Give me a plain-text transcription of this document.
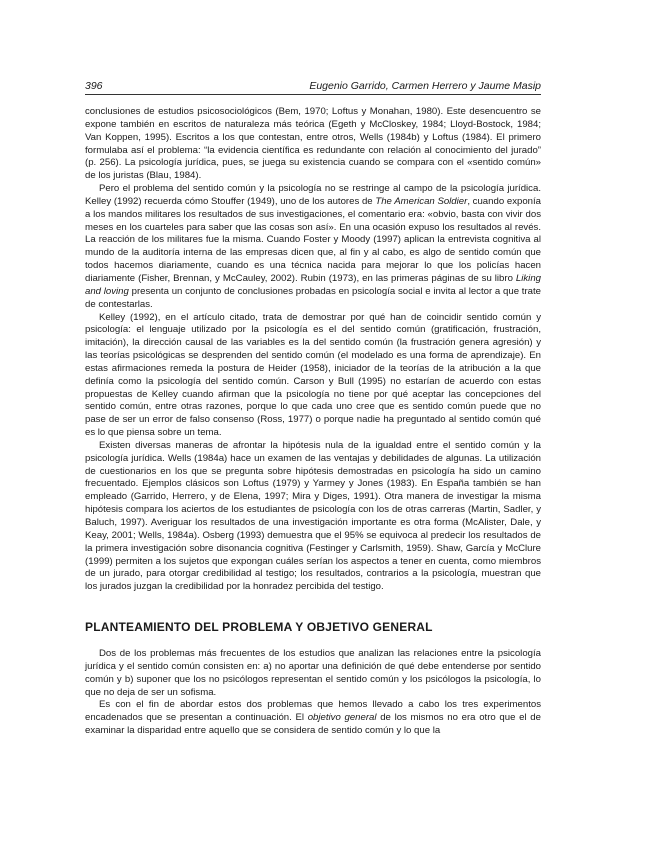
396	Eugenio Garrido, Carmen Herrero y Jaume Masip

conclusiones de estudios psicosociológicos (Bem, 1970; Loftus y Monahan, 1980). Este desencuentro se expone también en escritos de naturaleza más teórica (Egeth y McCloskey, 1984; Lloyd-Bostock, 1984; Van Koppen, 1995). Escritos a los que contestan, entre otros, Wells (1984b) y Loftus (1984). El primero formulaba así el problema: “la evidencia científica es redundante con relación al conocimiento del jurado” (p. 256). La psicología jurídica, pues, se juega su existencia cuando se compara con el «sentido común» de los juristas (Blau, 1984).

Pero el problema del sentido común y la psicología no se restringe al campo de la psicología jurídica. Kelley (1992) recuerda cómo Stouffer (1949), uno de los autores de The American Soldier, cuando exponía a los mandos militares los resultados de sus investigaciones, el comentario era: «obvio, basta con vivir dos meses en los cuarteles para saber que las cosas son así». En una ocasión expuso los resultados al revés. La reacción de los militares fue la misma. Cuando Foster y Moody (1997) aplican la entrevista cognitiva al mundo de la auditoría interna de las empresas dicen que, al fin y al cabo, es algo de sentido común que todos hacemos diariamente, cuando es una técnica nacida para mejorar lo que los policías hacen diariamente (Fisher, Brennan, y McCauley, 2002). Rubin (1973), en las primeras páginas de su libro Liking and loving presenta un conjunto de conclusiones probadas en psicología social e invita al lector a que trate de contestarlas.

Kelley (1992), en el artículo citado, trata de demostrar por qué han de coincidir sentido común y psicología: el lenguaje utilizado por la psicología es el del sentido común (gratificación, frustración, imitación), la dirección causal de las variables es la del sentido común (la frustración genera agresión) y las teorías psicológicas se desprenden del sentido común (el modelado es una forma de aprendizaje). En estas afirmaciones remeda la postura de Heider (1958), iniciador de la teorías de la atribución a la que definía como la psicología del sentido común. Carson y Bull (1995) no estarían de acuerdo con estas propuestas de Kelley cuando afirman que la psicología no tiene por qué aceptar las concepciones del sentido común, entre otras razones, porque lo que cada uno cree que es sentido común puede que no pase de ser un error de falso consenso (Ross, 1977) o porque nadie ha preguntado al sentido común qué es lo que piensa sobre un tema.

Existen diversas maneras de afrontar la hipótesis nula de la igualdad entre el sentido común y la psicología jurídica. Wells (1984a) hace un examen de las ventajas y debilidades de algunas. La utilización de cuestionarios en los que se pregunta sobre hipótesis demostradas en psicología ha sido un camino frecuentado. Ejemplos clásicos son Loftus (1979) y Yarmey y Jones (1983). En España también se han empleado (Garrido, Herrero, y de Elena, 1997; Mira y Diges, 1991). Otra manera de investigar la misma hipótesis compara los aciertos de los estudiantes de psicología con los de otras carreras (Martin, Sadler, y Baluch, 1997). Averiguar los resultados de una investigación importante es otra forma (McAlister, Dale, y Keay, 2001; Wells, 1984a). Osberg (1993) demuestra que el 95% se equivoca al predecir los resultados de la primera investigación sobre disonancia cognitiva (Festinger y Carlsmith, 1959). Shaw, García y McClure (1999) permiten a los sujetos que expongan cuáles serían los aspectos a tener en cuenta, como miembros de un jurado, para otorgar credibilidad al testigo; los resultados, contrarios a la psicología, muestran que los jurados juzgan la credibilidad por la honradez percibida del testigo.

PLANTEAMIENTO DEL PROBLEMA Y OBJETIVO GENERAL

Dos de los problemas más frecuentes de los estudios que analizan las relaciones entre la psicología jurídica y el sentido común consisten en: a) no aportar una definición de qué debe entenderse por sentido común y b) suponer que los no psicólogos representan el sentido común y los psicólogos la psicología, lo que no deja de ser un sofisma.

Es con el fin de abordar estos dos problemas que hemos llevado a cabo los tres experimentos encadenados que se presentan a continuación. El objetivo general de los mismos no era otro que el de examinar la disparidad entre aquello que se considera de sentido común y lo que la
